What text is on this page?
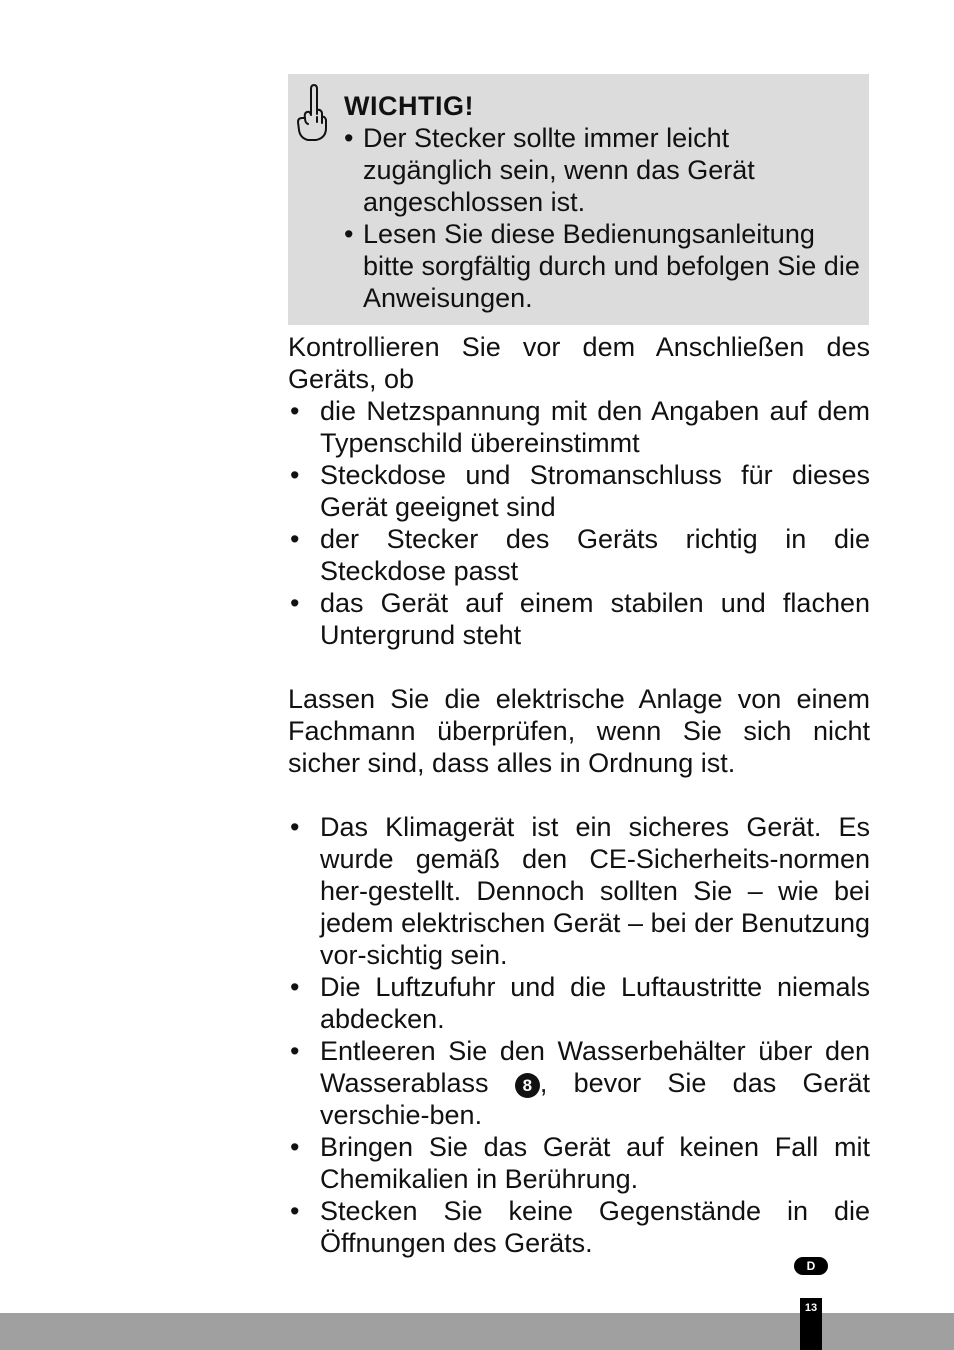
WICHTIG!
• Der Stecker sollte immer leicht zugänglich sein, wenn das Gerät angeschlossen ist.
• Lesen Sie diese Bedienungsanleitung bitte sorgfältig durch und befolgen Sie die Anweisungen.

Kontrollieren Sie vor dem Anschließen des Geräts, ob

• die Netzspannung mit den Angaben auf dem Typenschild übereinstimmt
• Steckdose und Stromanschluss für dieses Gerät geeignet sind
• der Stecker des Geräts richtig in die Steckdose passt
• das Gerät auf einem stabilen und flachen Untergrund steht

Lassen Sie die elektrische Anlage von einem Fachmann überprüfen, wenn Sie sich nicht sicher sind, dass alles in Ordnung ist.

• Das Klimagerät ist ein sicheres Gerät. Es wurde gemäß den CE-Sicherheits-normen her-gestellt. Dennoch sollten Sie – wie bei jedem elektrischen Gerät – bei der Benutzung vor-sichtig sein.
• Die Luftzufuhr und die Luftaustritte niemals abdecken.
• Entleeren Sie den Wasserbehälter über den Wasserablass 8 , bevor Sie das Gerät verschie-ben.
• Bringen Sie das Gerät auf keinen Fall mit Chemikalien in Berührung.
• Stecken Sie keine Gegenstände in die Öffnungen des Geräts.
D
13
